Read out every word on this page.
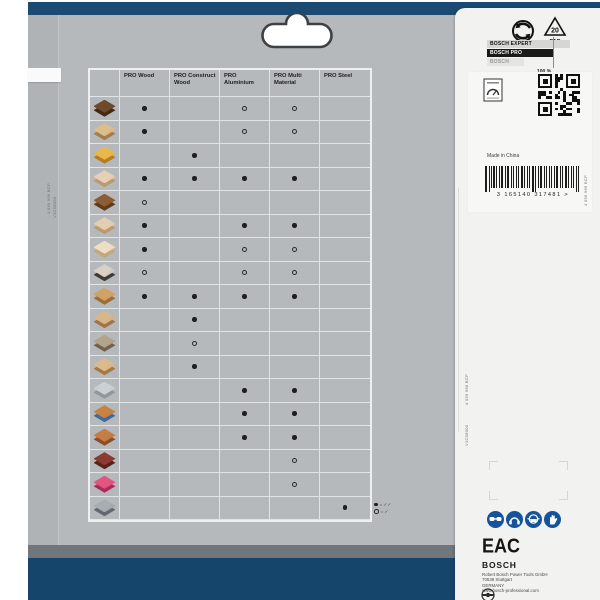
4 059 966 BCP V1C98000
PRO Wood	PRO Construct Wood
PRO Aluminium
PRO Multi Material
PRO Steel
= ✓✓
= ✓
20
BOSCH EXPERT
BOSCH PRO
BOSCH
Made in China
3 165140 317481 >	4 059 966 BCP
4 059 966 BCP
V1C98000
EAC
BOSCH
Robert Bosch Power Tools GmbH
70538 Stuttgart
GERMANY
www.bosch-professional.com
